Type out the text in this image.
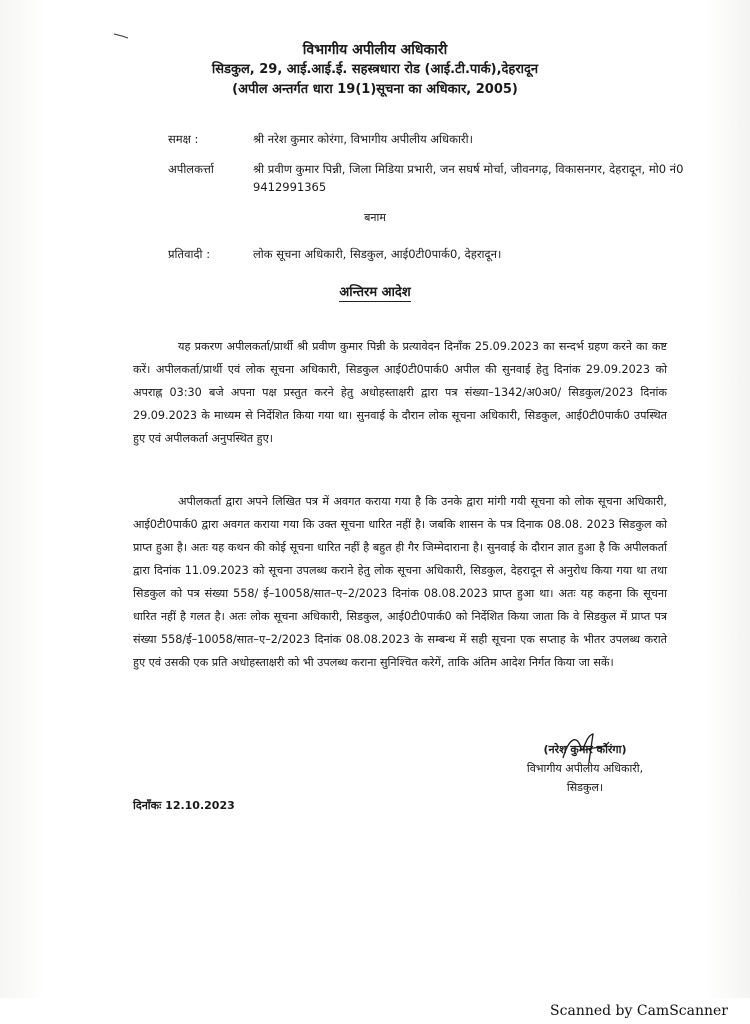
विभागीय अपीलीय अधिकारी
सिडकुल, 29, आई.आई.ई. सहस्त्रधारा रोड (आई.टी.पार्क),देहरादून
(अपील अन्तर्गत धारा 19(1)सूचना का अधिकार, 2005)
समक्ष :	श्री नरेश कुमार कोरंगा, विभागीय अपीलीय अधिकारी।
अपीलकर्त्ता	श्री प्रवीण कुमार पिन्नी, जिला मिडिया प्रभारी, जन सघर्ष मोर्चा, जीवनगढ़, विकासनगर, देहरादून, मो0 नं0 9412991365
बनाम
प्रतिवादी :	लोक सूचना अधिकारी, सिडकुल, आई0टी0पार्क0, देहरादून।
अन्तिरम आदेश

यह प्रकरण अपीलकर्ता/प्रार्थी श्री प्रवीण कुमार पिन्नी के प्रत्यावेदन दिनाँक 25.09.2023 का सन्दर्भ ग्रहण करने का कष्ट करें। अपीलकर्ता/प्रार्थी एवं लोक सूचना अधिकारी, सिडकुल आई0टी0पार्क0 अपील की सुनवाई हेतु दिनांक 29.09.2023 को अपराह्न 03:30 बजे अपना पक्ष प्रस्तुत करने हेतु अधोहस्ताक्षरी द्वारा पत्र संख्या–1342/अ0अ0/ सिडकुल/2023 दिनांक 29.09.2023 के माध्यम से निर्देशित किया गया था। सुनवाई के दौरान लोक सूचना अधिकारी, सिडकुल, आई0टी0पार्क0 उपस्थित हुए एवं अपीलकर्ता अनुपस्थित हुए।

अपीलकर्ता द्वारा अपने लिखित पत्र में अवगत कराया गया है कि उनके द्वारा मांगी गयी सूचना को लोक सूचना अधिकारी, आई0टी0पार्क0 द्वारा अवगत कराया गया कि उक्त सूचना धारित नहीं है। जबकि शासन के पत्र दिनाक 08.08. 2023 सिडकुल को प्राप्त हुआ है। अतः यह कथन की कोई सूचना धारित नहीं है बहुत ही गैर जिम्मेदाराना है। सुनवाई के दौरान ज्ञात हुआ है कि अपीलकर्ता द्वारा दिनांक 11.09.2023 को सूचना उपलब्ध कराने हेतु लोक सूचना अधिकारी, सिडकुल, देहरादून से अनुरोध किया गया था तथा सिडकुल को पत्र संख्या 558/ ई–10058/सात–ए–2/2023 दिनांक 08.08.2023 प्राप्त हुआ था। अतः यह कहना कि सूचना धारित नहीं है गलत है। अतः लोक सूचना अधिकारी, सिडकुल, आई0टी0पार्क0 को निर्देशित किया जाता कि वे सिडकुल में प्राप्त पत्र संख्या 558/ई–10058/सात–ए–2/2023 दिनांक 08.08.2023 के सम्बन्ध में सही सूचना एक सप्ताह के भीतर उपलब्ध कराते हुए एवं उसकी एक प्रति अधोहस्ताक्षरी को भी उपलब्ध कराना सुनिश्चित करेगें, ताकि अंतिम आदेश निर्गत किया जा सकें।

(नरेश कुमार कोरंगा)
विभागीय अपीलीय अधिकारी,
सिडकुल।
दिनाँकः 12.10.2023
Scanned by CamScanner
